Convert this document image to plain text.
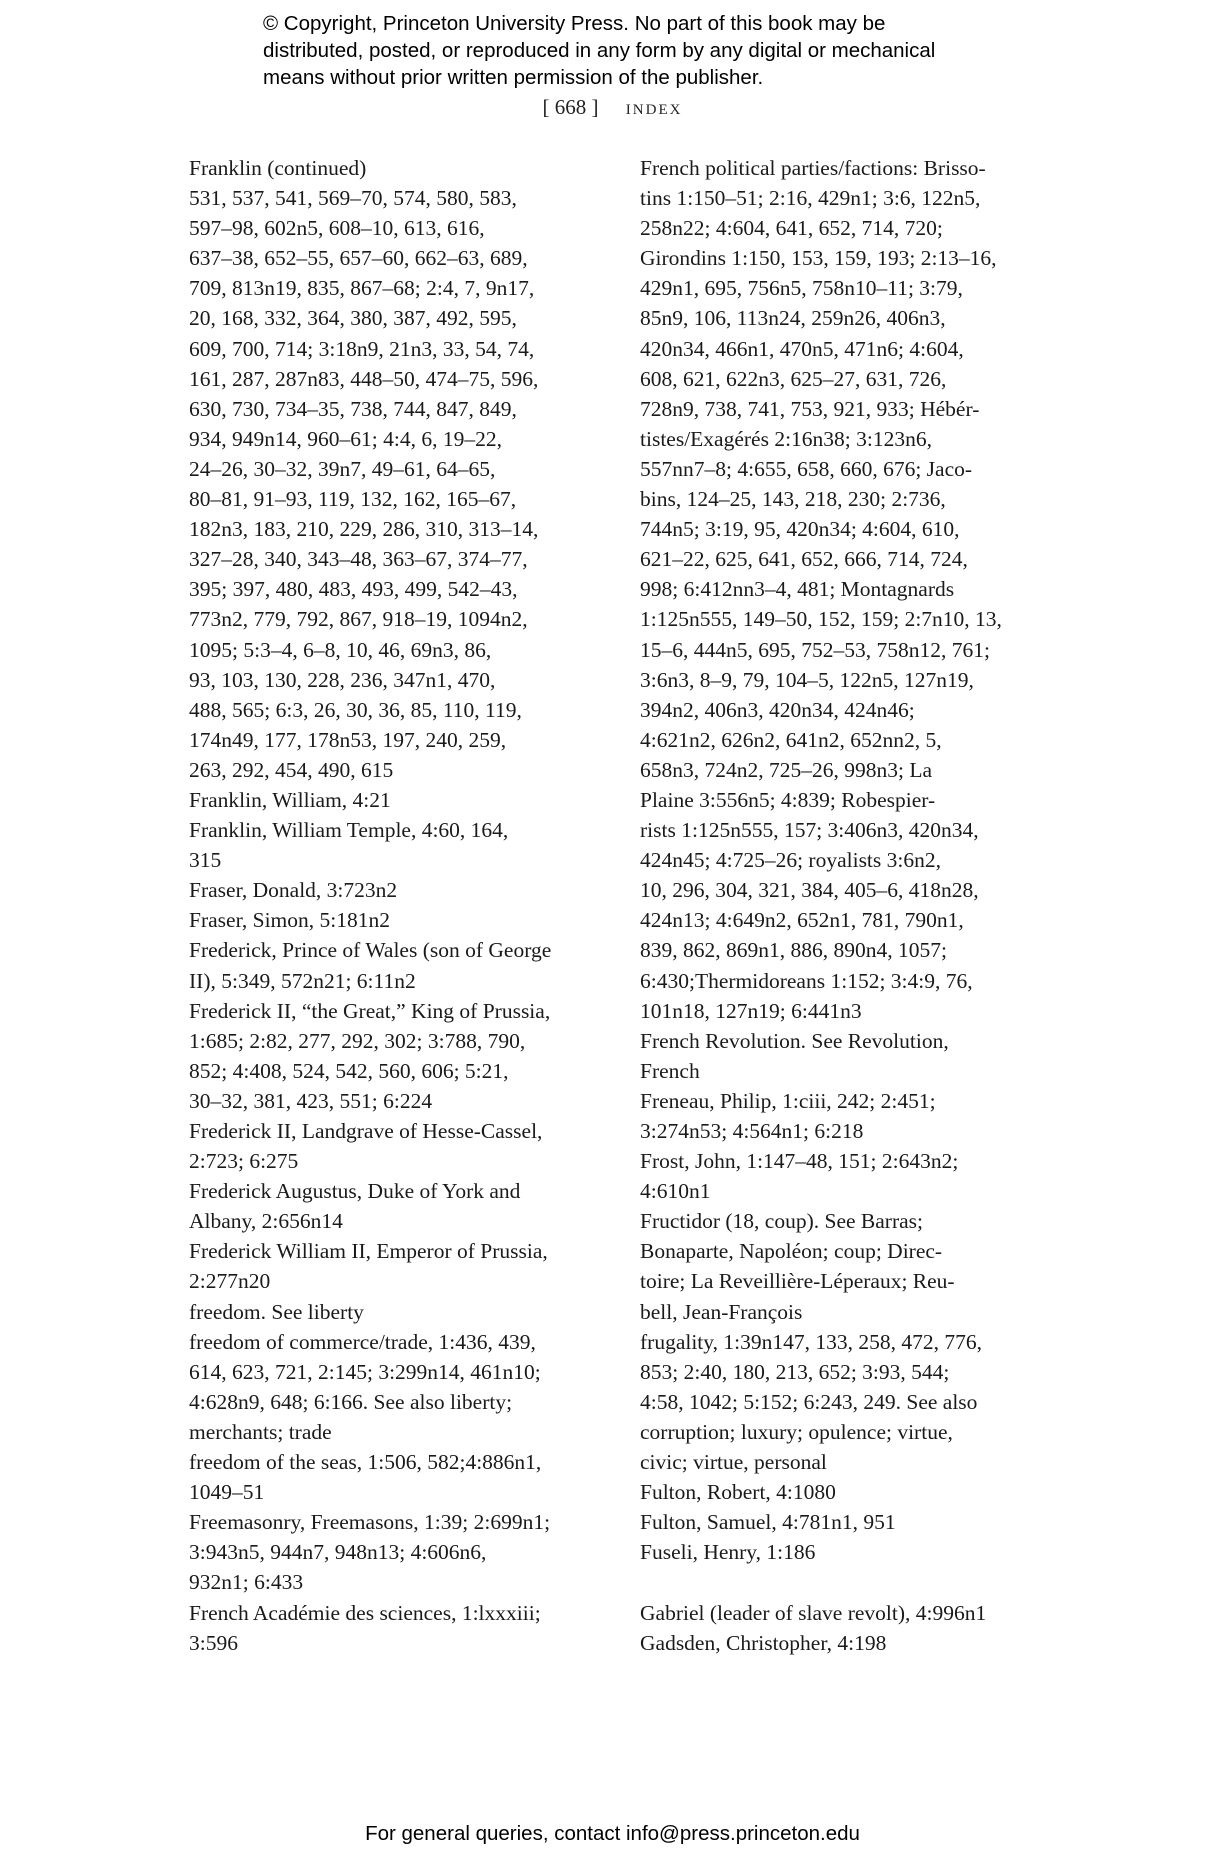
© Copyright, Princeton University Press. No part of this book may be
distributed, posted, or reproduced in any form by any digital or mechanical
means without prior written permission of the publisher.
[ 668 ] index
Franklin (continued)
531, 537, 541, 569–70, 574, 580, 583,
597–98, 602n5, 608–10, 613, 616,
637–38, 652–55, 657–60, 662–63, 689,
709, 813n19, 835, 867–68; 2:4, 7, 9n17,
20, 168, 332, 364, 380, 387, 492, 595,
609, 700, 714; 3:18n9, 21n3, 33, 54, 74,
161, 287, 287n83, 448–50, 474–75, 596,
630, 730, 734–35, 738, 744, 847, 849,
934, 949n14, 960–61; 4:4, 6, 19–22,
24–26, 30–32, 39n7, 49–61, 64–65,
80–81, 91–93, 119, 132, 162, 165–67,
182n3, 183, 210, 229, 286, 310, 313–14,
327–28, 340, 343–48, 363–67, 374–77,
395; 397, 480, 483, 493, 499, 542–43,
773n2, 779, 792, 867, 918–19, 1094n2,
1095; 5:3–4, 6–8, 10, 46, 69n3, 86,
93, 103, 130, 228, 236, 347n1, 470,
488, 565; 6:3, 26, 30, 36, 85, 110, 119,
174n49, 177, 178n53, 197, 240, 259,
263, 292, 454, 490, 615
Franklin, William, 4:21
Franklin, William Temple, 4:60, 164,
315
Fraser, Donald, 3:723n2
Fraser, Simon, 5:181n2
Frederick, Prince of Wales (son of George
II), 5:349, 572n21; 6:11n2
Frederick II, “the Great,” King of Prussia,
1:685; 2:82, 277, 292, 302; 3:788, 790,
852; 4:408, 524, 542, 560, 606; 5:21,
30–32, 381, 423, 551; 6:224
Frederick II, Landgrave of Hesse-Cassel,
2:723; 6:275
Frederick Augustus, Duke of York and
Albany, 2:656n14
Frederick William II, Emperor of Prussia,
2:277n20
freedom. See liberty
freedom of commerce/trade, 1:436, 439,
614, 623, 721, 2:145; 3:299n14, 461n10;
4:628n9, 648; 6:166. See also liberty;
merchants; trade
freedom of the seas, 1:506, 582;4:886n1,
1049–51
Freemasonry, Freemasons, 1:39; 2:699n1;
3:943n5, 944n7, 948n13; 4:606n6,
932n1; 6:433
French Académie des sciences, 1:lxxxiii;
3:596
French political parties/factions: Brisso-
tins 1:150–51; 2:16, 429n1; 3:6, 122n5,
258n22; 4:604, 641, 652, 714, 720;
Girondins 1:150, 153, 159, 193; 2:13–16,
429n1, 695, 756n5, 758n10–11; 3:79,
85n9, 106, 113n24, 259n26, 406n3,
420n34, 466n1, 470n5, 471n6; 4:604,
608, 621, 622n3, 625–27, 631, 726,
728n9, 738, 741, 753, 921, 933; Hébér-
tistes/Exagérés 2:16n38; 3:123n6,
557nn7–8; 4:655, 658, 660, 676; Jaco-
bins, 124–25, 143, 218, 230; 2:736,
744n5; 3:19, 95, 420n34; 4:604, 610,
621–22, 625, 641, 652, 666, 714, 724,
998; 6:412nn3–4, 481; Montagnards
1:125n555, 149–50, 152, 159; 2:7n10, 13,
15–6, 444n5, 695, 752–53, 758n12, 761;
3:6n3, 8–9, 79, 104–5, 122n5, 127n19,
394n2, 406n3, 420n34, 424n46;
4:621n2, 626n2, 641n2, 652nn2, 5,
658n3, 724n2, 725–26, 998n3; La
Plaine 3:556n5; 4:839; Robespier-
rists 1:125n555, 157; 3:406n3, 420n34,
424n45; 4:725–26; royalists 3:6n2,
10, 296, 304, 321, 384, 405–6, 418n28,
424n13; 4:649n2, 652n1, 781, 790n1,
839, 862, 869n1, 886, 890n4, 1057;
6:430;Thermidoreans 1:152; 3:4:9, 76,
101n18, 127n19; 6:441n3
French Revolution. See Revolution,
French
Freneau, Philip, 1:ciii, 242; 2:451;
3:274n53; 4:564n1; 6:218
Frost, John, 1:147–48, 151; 2:643n2;
4:610n1
Fructidor (18, coup). See Barras;
Bonaparte, Napoléon; coup; Direc-
toire; La Reveillière-Léperaux; Reu-
bell, Jean-François
frugality, 1:39n147, 133, 258, 472, 776,
853; 2:40, 180, 213, 652; 3:93, 544;
4:58, 1042; 5:152; 6:243, 249. See also
corruption; luxury; opulence; virtue,
civic; virtue, personal
Fulton, Robert, 4:1080
Fulton, Samuel, 4:781n1, 951
Fuseli, Henry, 1:186
Gabriel (leader of slave revolt), 4:996n1
Gadsden, Christopher, 4:198
For general queries, contact info@press.princeton.edu
